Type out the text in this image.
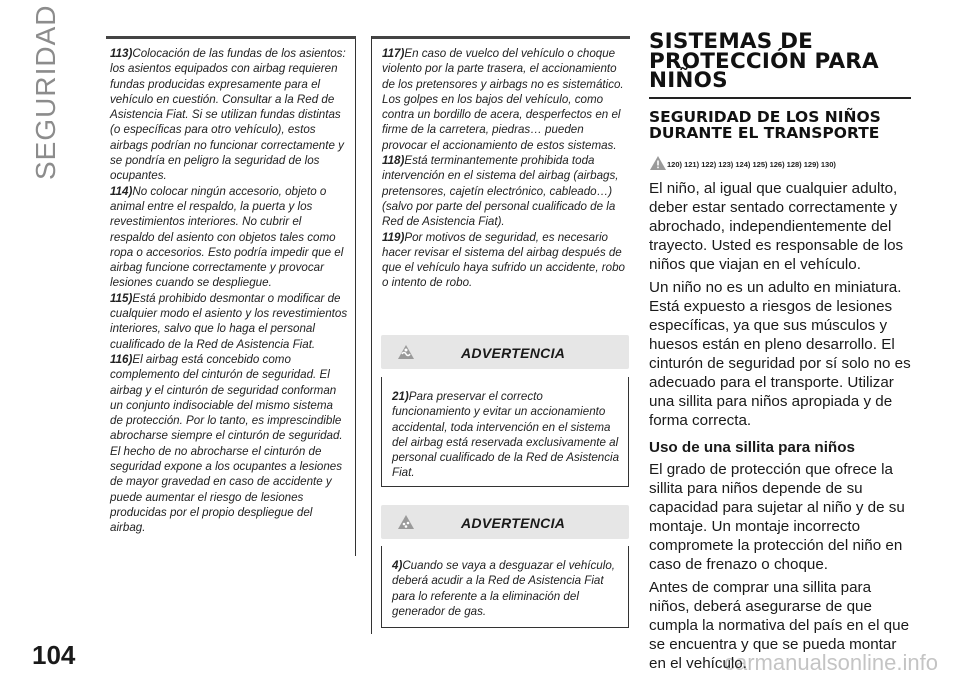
SEGURIDAD
104	carmanualsonline.info

113)Colocación de las fundas de los asientos: los asientos equipados con airbag requieren fundas producidas expresamente para el vehículo en cuestión. Consultar a la Red de Asistencia Fiat. Si se utilizan fundas distintas (o específicas para otro vehículo), estos airbags podrían no funcionar correctamente y se pondría en peligro la seguridad de los ocupantes.

114)No colocar ningún accesorio, objeto o animal entre el respaldo, la puerta y los revestimientos interiores. No cubrir el respaldo del asiento con objetos tales como ropa o accesorios. Esto podría impedir que el airbag funcione correctamente y provocar lesiones cuando se despliegue.

115)Está prohibido desmontar o modificar de cualquier modo el asiento y los revestimientos interiores, salvo que lo haga el personal cualificado de la Red de Asistencia Fiat.

116)El airbag está concebido como complemento del cinturón de seguridad. El airbag y el cinturón de seguridad conforman un conjunto indisociable del mismo sistema de protección. Por lo tanto, es imprescindible abrocharse siempre el cinturón de seguridad. El hecho de no abrocharse el cinturón de seguridad expone a los ocupantes a lesiones de mayor gravedad en caso de accidente y puede aumentar el riesgo de lesiones producidas por el propio despliegue del airbag.

117)En caso de vuelco del vehículo o choque violento por la parte trasera, el accionamiento de los pretensores y airbags no es sistemático. Los golpes en los bajos del vehículo, como contra un bordillo de acera, desperfectos en el firme de la carretera, piedras… pueden provocar el accionamiento de estos sistemas.

118)Está terminantemente prohibida toda intervención en el sistema del airbag (airbags, pretensores, cajetín electrónico, cableado…) (salvo por parte del personal cualificado de la Red de Asistencia Fiat).

119)Por motivos de seguridad, es necesario hacer revisar el sistema del airbag después de que el vehículo haya sufrido un accidente, robo o intento de robo.

ADVERTENCIA

21)Para preservar el correcto funcionamiento y evitar un accionamiento accidental, toda intervención en el sistema del airbag está reservada exclusivamente al personal cualificado de la Red de Asistencia Fiat.

ADVERTENCIA

4)Cuando se vaya a desguazar el vehículo, deberá acudir a la Red de Asistencia Fiat para lo referente a la eliminación del generador de gas.

SISTEMAS DE PROTECCIÓN PARA NIÑOS
SEGURIDAD DE LOS NIÑOS DURANTE EL TRANSPORTE
120) 121) 122) 123) 124) 125) 126) 128) 129) 130)

El niño, al igual que cualquier adulto, deber estar sentado correctamente y abrochado, independientemente del trayecto. Usted es responsable de los niños que viajan en el vehículo.

Un niño no es un adulto en miniatura. Está expuesto a riesgos de lesiones específicas, ya que sus músculos y huesos están en pleno desarrollo. El cinturón de seguridad por sí solo no es adecuado para el transporte. Utilizar una sillita para niños apropiada y de forma correcta.

Uso de una sillita para niños

El grado de protección que ofrece la sillita para niños depende de su capacidad para sujetar al niño y de su montaje. Un montaje incorrecto compromete la protección del niño en caso de frenazo o choque.

Antes de comprar una sillita para niños, deberá asegurarse de que cumpla la normativa del país en el que se encuentra y que se pueda montar en el vehículo.
